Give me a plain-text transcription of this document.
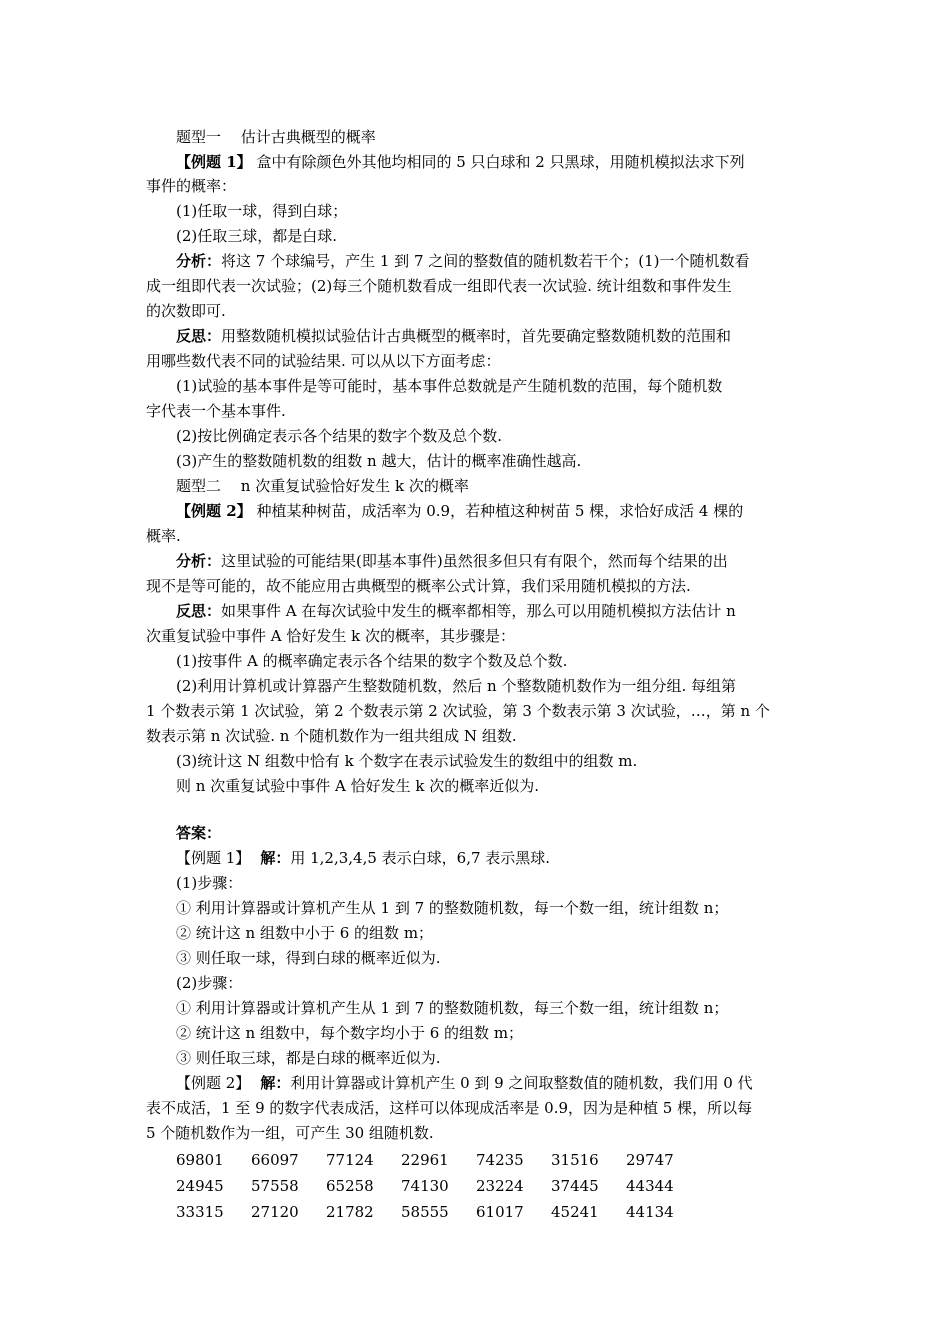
题型一　 估计古典概型的概率
【例题 1】 盒中有除颜色外其他均相同的 5 只白球和 2 只黑球，用随机模拟法求下列
事件的概率：
(1)任取一球，得到白球；
(2)任取三球，都是白球.
分析：将这 7 个球编号，产生 1 到 7 之间的整数值的随机数若干个；(1)一个随机数看
成一组即代表一次试验；(2)每三个随机数看成一组即代表一次试验. 统计组数和事件发生
的次数即可.
反思：用整数随机模拟试验估计古典概型的概率时，首先要确定整数随机数的范围和
用哪些数代表不同的试验结果. 可以从以下方面考虑：
(1)试验的基本事件是等可能时，基本事件总数就是产生随机数的范围，每个随机数
字代表一个基本事件.
(2)按比例确定表示各个结果的数字个数及总个数.
(3)产生的整数随机数的组数 n 越大，估计的概率准确性越高.
题型二　 n 次重复试验恰好发生 k 次的概率
【例题 2】 种植某种树苗，成活率为 0.9，若种植这种树苗 5 棵，求恰好成活 4 棵的
概率.
分析：这里试验的可能结果(即基本事件)虽然很多但只有有限个，然而每个结果的出
现不是等可能的，故不能应用古典概型的概率公式计算，我们采用随机模拟的方法.
反思：如果事件 A 在每次试验中发生的概率都相等，那么可以用随机模拟方法估计 n
次重复试验中事件 A 恰好发生 k 次的概率，其步骤是：
(1)按事件 A 的概率确定表示各个结果的数字个数及总个数.
(2)利用计算机或计算器产生整数随机数，然后 n 个整数随机数作为一组分组. 每组第
1 个数表示第 1 次试验，第 2 个数表示第 2 次试验，第 3 个数表示第 3 次试验，…，第 n 个
数表示第 n 次试验. n 个随机数作为一组共组成 N 组数.
(3)统计这 N 组数中恰有 k 个数字在表示试验发生的数组中的组数 m.
则 n 次重复试验中事件 A 恰好发生 k 次的概率近似为.
答案：
【例题 1】 解：用 1,2,3,4,5 表示白球，6,7 表示黑球.
(1)步骤：
① 利用计算器或计算机产生从 1 到 7 的整数随机数，每一个数一组，统计组数 n；
② 统计这 n 组数中小于 6 的组数 m；
③ 则任取一球，得到白球的概率近似为.
(2)步骤：
① 利用计算器或计算机产生从 1 到 7 的整数随机数，每三个数一组，统计组数 n；
② 统计这 n 组数中，每个数字均小于 6 的组数 m；
③ 则任取三球，都是白球的概率近似为.
【例题 2】 解：利用计算器或计算机产生 0 到 9 之间取整数值的随机数，我们用 0 代
表不成活，1 至 9 的数字代表成活，这样可以体现成活率是 0.9，因为是种植 5 棵，所以每
5 个随机数作为一组，可产生 30 组随机数.
69801	66097	77124	22961	74235	31516	29747
24945	57558	65258	74130	23224	37445	44344
33315	27120	21782	58555	61017	45241	44134
